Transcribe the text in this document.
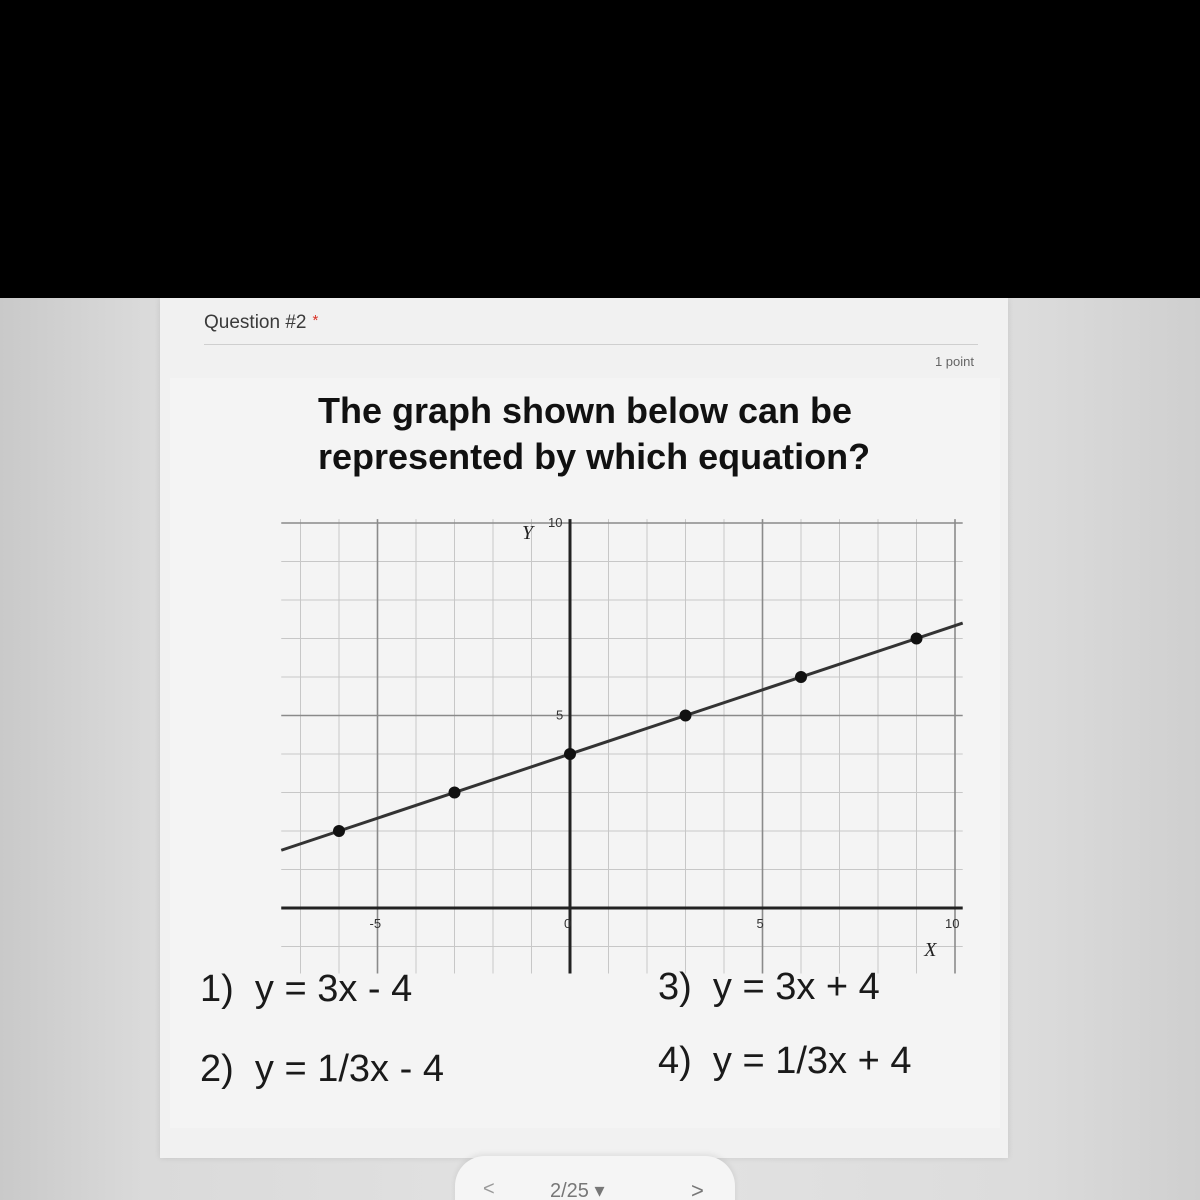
Question #2 *
1 point
The graph shown below can be represented by which equation?
-5	0	5	10
5
10
X
Y
1) y = 3x - 4
2) y = 1/3x - 4
3) y = 3x + 4
4) y = 1/3x + 4
<	2/25 ▾	>
